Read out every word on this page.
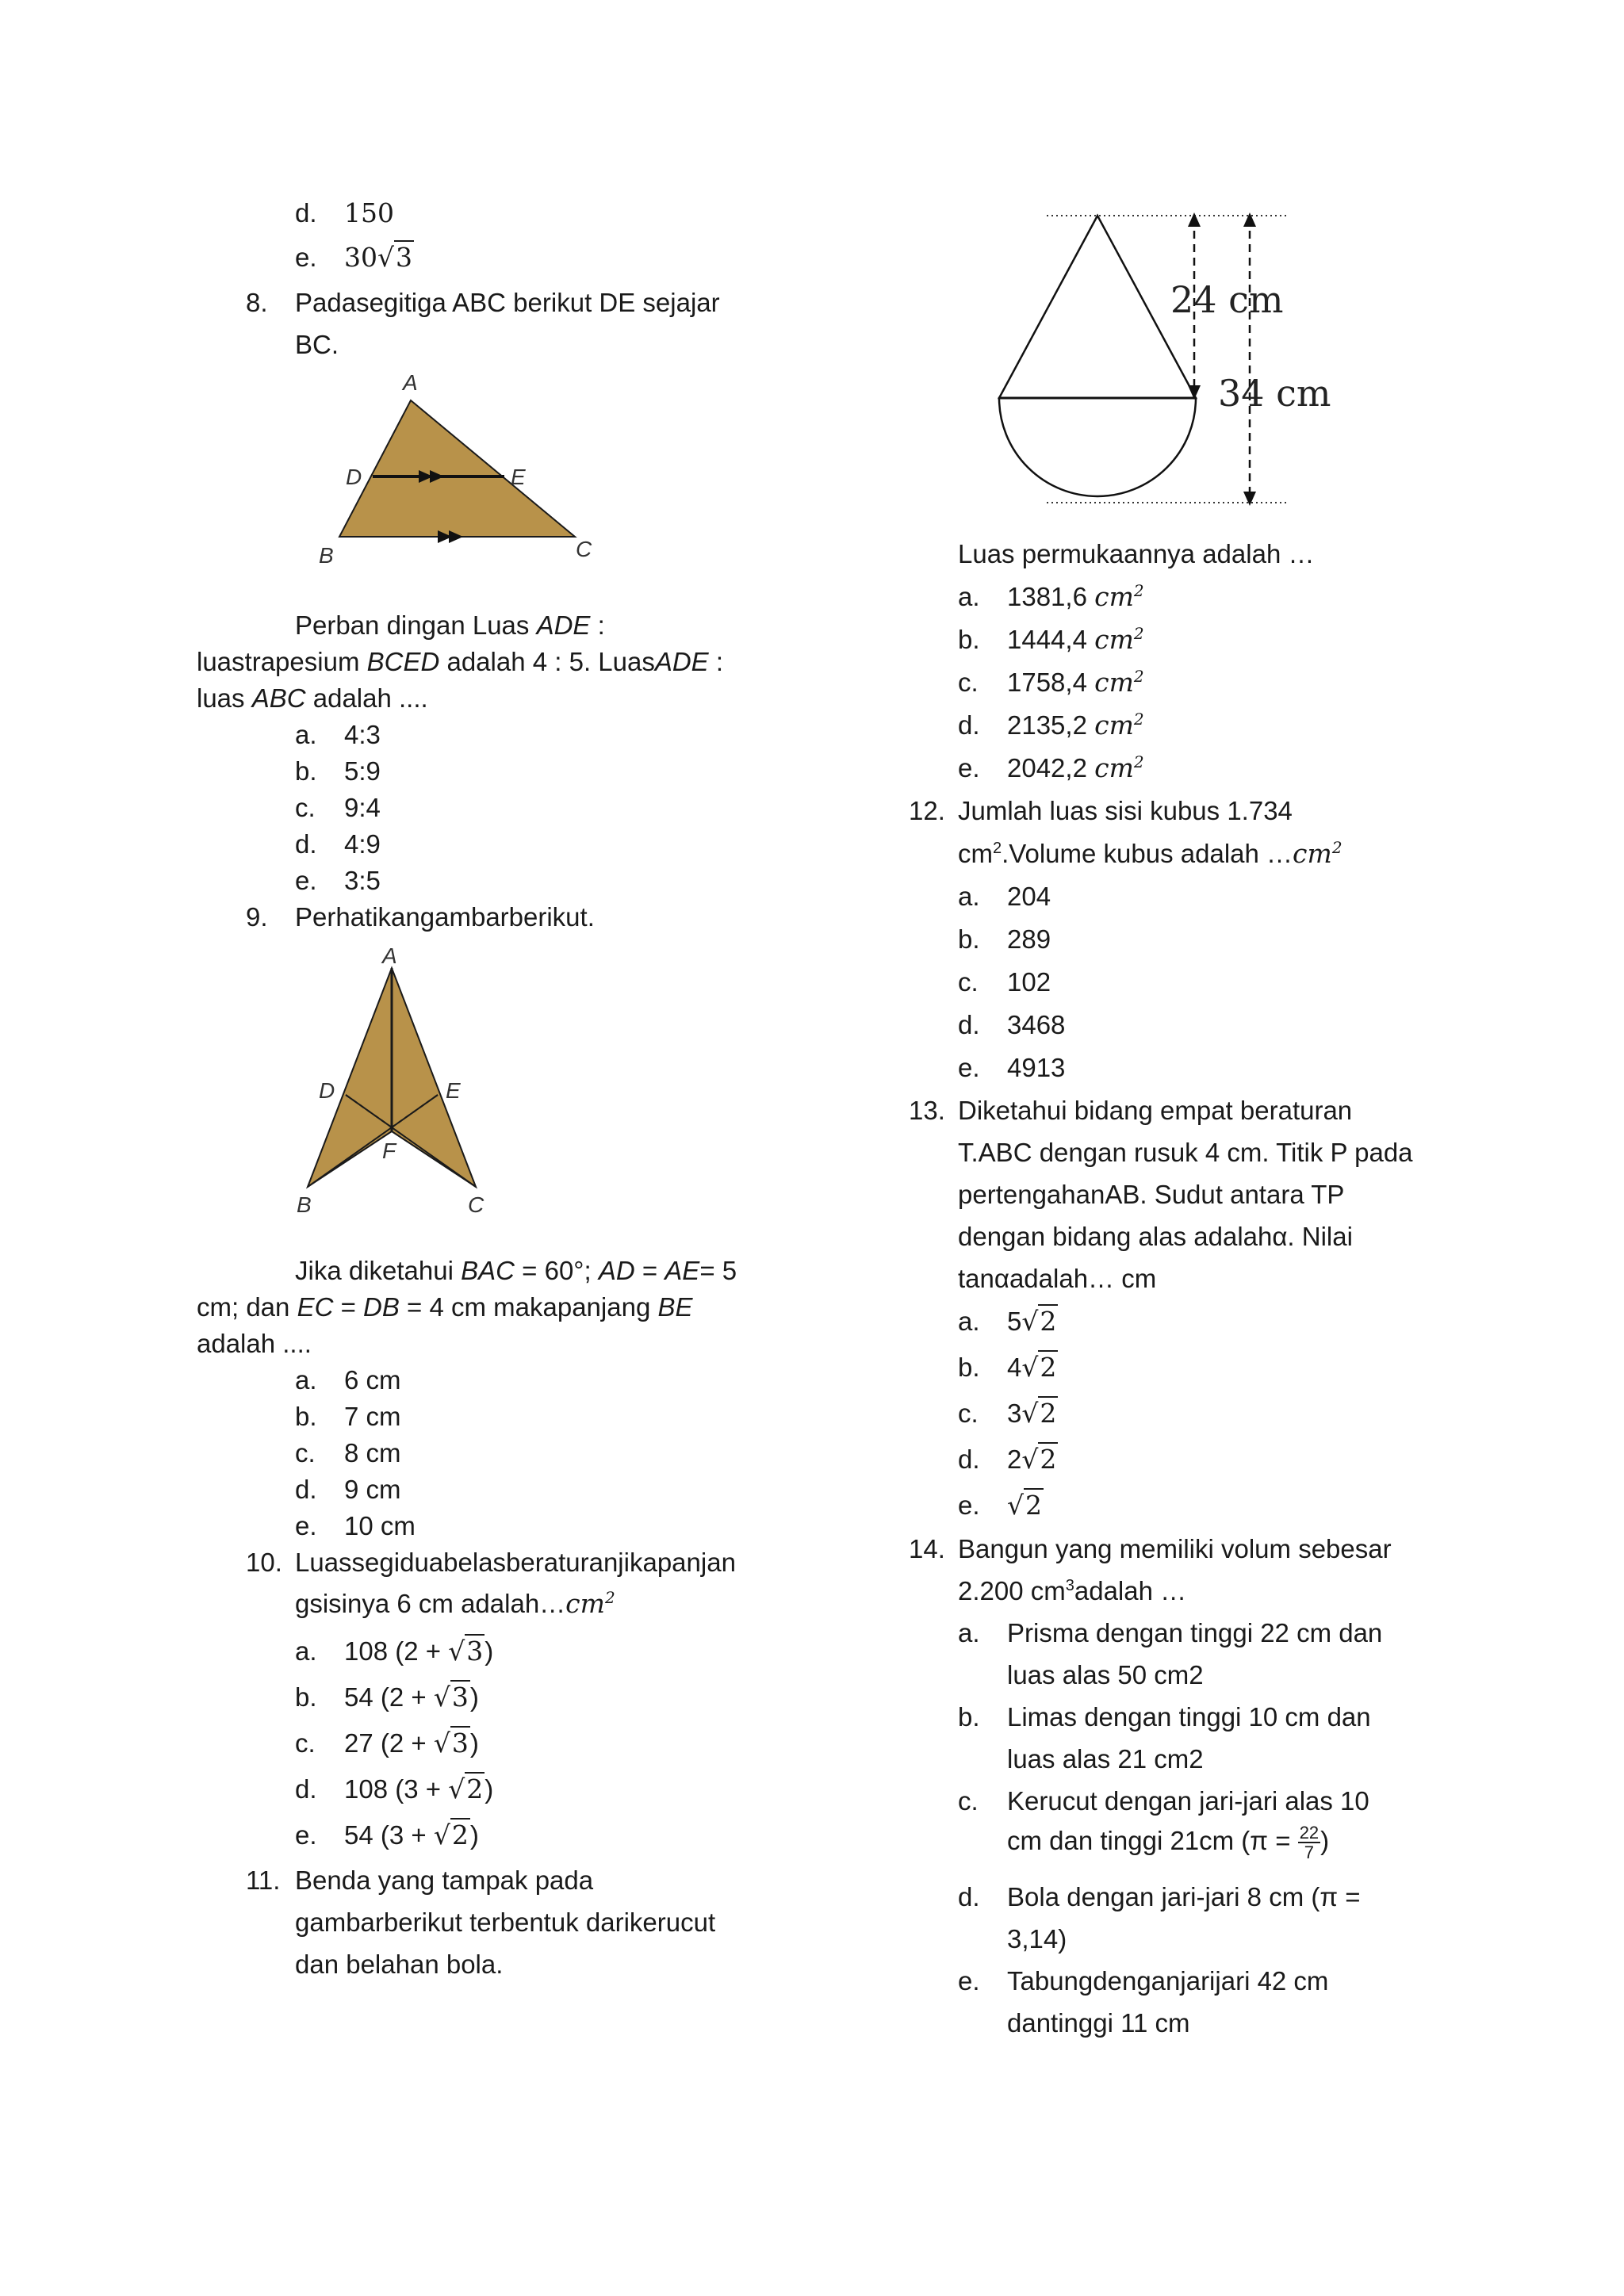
d. 150
e. 30√3
8. Padasegitiga ABC berikut DE sejajar
BC.
A
D	E
B	C
Perban dingan Luas ADE :
luastrapesium BCED adalah 4 : 5. LuasADE :
luas ABC adalah ....
a. 4:3
b. 5:9
c. 9:4
d. 4:9
e. 3:5
9. Perhatikangambarberikut.
A
D	E
F
B	C
Jika diketahui BAC = 60°; AD = AE= 5
cm; dan EC = DB = 4 cm makapanjang BE
adalah ....
a. 6 cm
b. 7 cm
c. 8 cm
d. 9 cm
e. 10 cm
10. Luassegiduabelasberaturanjikapanjan
gsisinya 6 cm $adalah\dots cm^2$
a. 108 (2 + √3)
b. 54 (2 + √3)
c. 27 (2 + √3)
d. 108 (3 + √2)
e. 54 (3 + √2)
11. Benda yang tampak pada
gambarberikut terbentuk darikerucut
dan belahan bola.
24 cm
34 cm
Luas permukaannya adalah …
a. 1381,6 $cm^2$
b. 1444,4 $cm^2$
c. 1758,4 $cm^2$
d. 2135,2 $cm^2$
e. 2042,2 $cm^2$
12. Jumlah luas sisi kubus 1.734
$cm^2.Volume$ kubus adalah $\dots cm^2$
a. 204
b. 289
c. 102
d. 3468
e. 4913
13. Diketahui bidang empat beraturan
T.ABC dengan rusuk 4 cm. Titik P pada
pertengahanAB. Sudut antara TP
dengan bidang alas adalahα. Nilai
tanαadalah… cm
a. 5√2
b. 4√2
c. 3√2
d. 2√2
e. √2
14. Bangun yang memiliki volum sebesar
2.200 $cm^3adalah$ …
a. Prisma dengan tinggi 22 cm dan
luas alas 50 cm2
b. Limas dengan tinggi 10 cm dan
luas alas 21 cm2
c. Kerucut dengan jari-jari alas 10
cm dan tinggi 21cm ($\pi = \frac{22}{7}$ )
d. Bola dengan jari-jari 8 cm (π =
3,14)
e. Tabungdenganjarijari 42 cm
dantinggi 11 cm
